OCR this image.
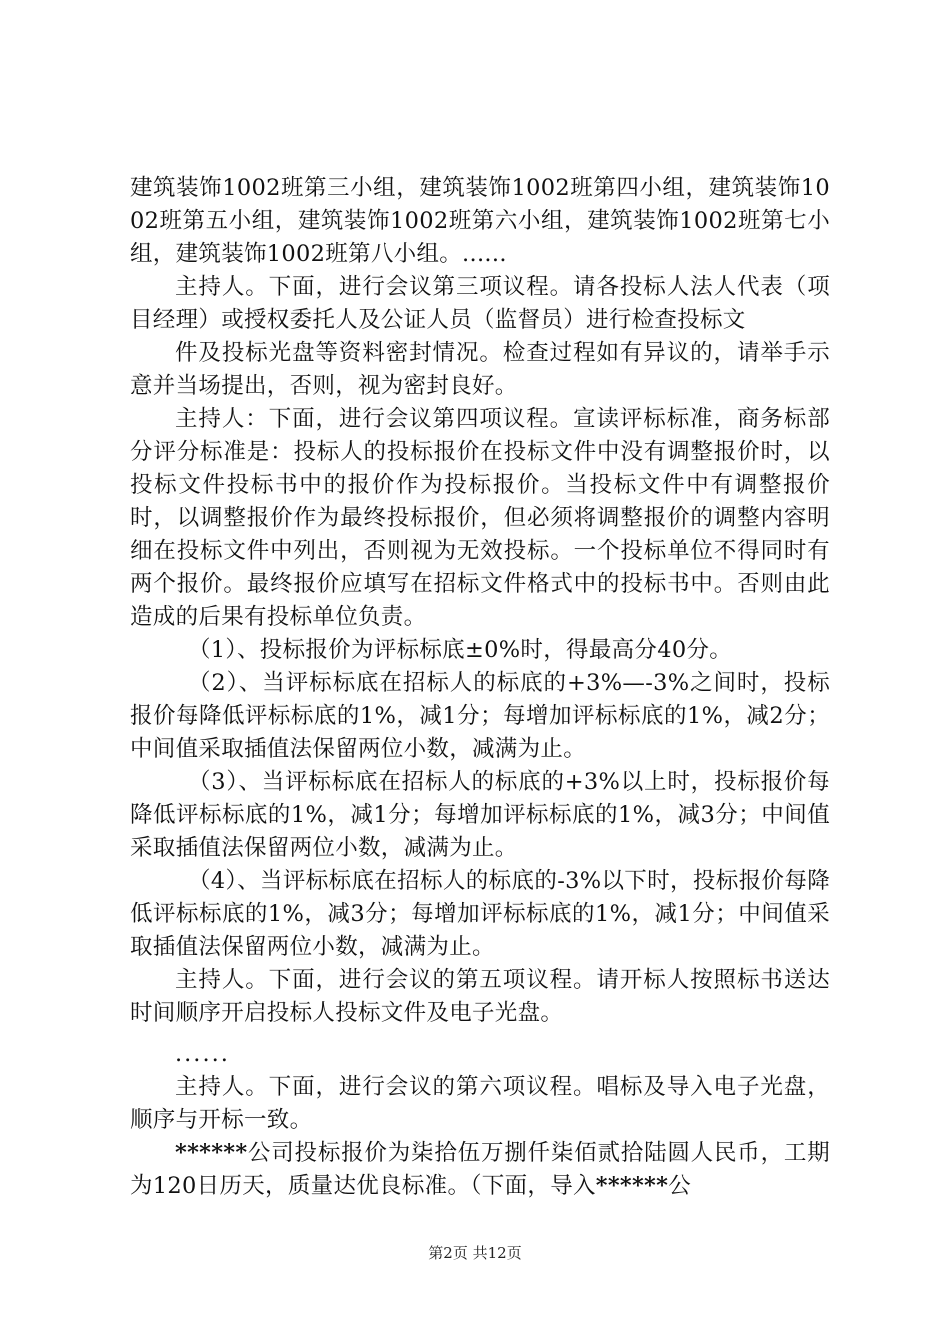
建筑装饰1002班第三小组，建筑装饰1002班第四小组，建筑装饰1002班第五小组，建筑装饰1002班第六小组，建筑装饰1002班第七小组，建筑装饰1002班第八小组。......

主持人。下面，进行会议第三项议程。请各投标人法人代表（项目经理）或授权委托人及公证人员（监督员）进行检查投标文

件及投标光盘等资料密封情况。检查过程如有异议的，请举手示意并当场提出，否则，视为密封良好。

主持人：下面，进行会议第四项议程。宣读评标标准，商务标部分评分标准是：投标人的投标报价在投标文件中没有调整报价时，以投标文件投标书中的报价作为投标报价。当投标文件中有调整报价时，以调整报价作为最终投标报价，但必须将调整报价的调整内容明细在投标文件中列出，否则视为无效投标。一个投标单位不得同时有两个报价。最终报价应填写在招标文件格式中的投标书中。否则由此造成的后果有投标单位负责。

（1）、投标报价为评标标底±0%时，得最高分40分。

（2）、当评标标底在招标人的标底的+3%—-3%之间时，投标报价每降低评标标底的1%，减1分；每增加评标标底的1%，减2分；中间值采取插值法保留两位小数，减满为止。

（3）、当评标标底在招标人的标底的+3%以上时，投标报价每降低评标标底的1%，减1分；每增加评标标底的1%，减3分；中间值采取插值法保留两位小数，减满为止。

（4）、当评标标底在招标人的标底的-3%以下时，投标报价每降低评标标底的1%，减3分；每增加评标标底的1%，减1分；中间值采取插值法保留两位小数，减满为止。

主持人。下面，进行会议的第五项议程。请开标人按照标书送达时间顺序开启投标人投标文件及电子光盘。

......

主持人。下面，进行会议的第六项议程。唱标及导入电子光盘，顺序与开标一致。

******公司投标报价为柒拾伍万捌仟柒佰贰拾陆圆人民币，工期为120日历天，质量达优良标准。（下面，导入******公

第2页 共12页
